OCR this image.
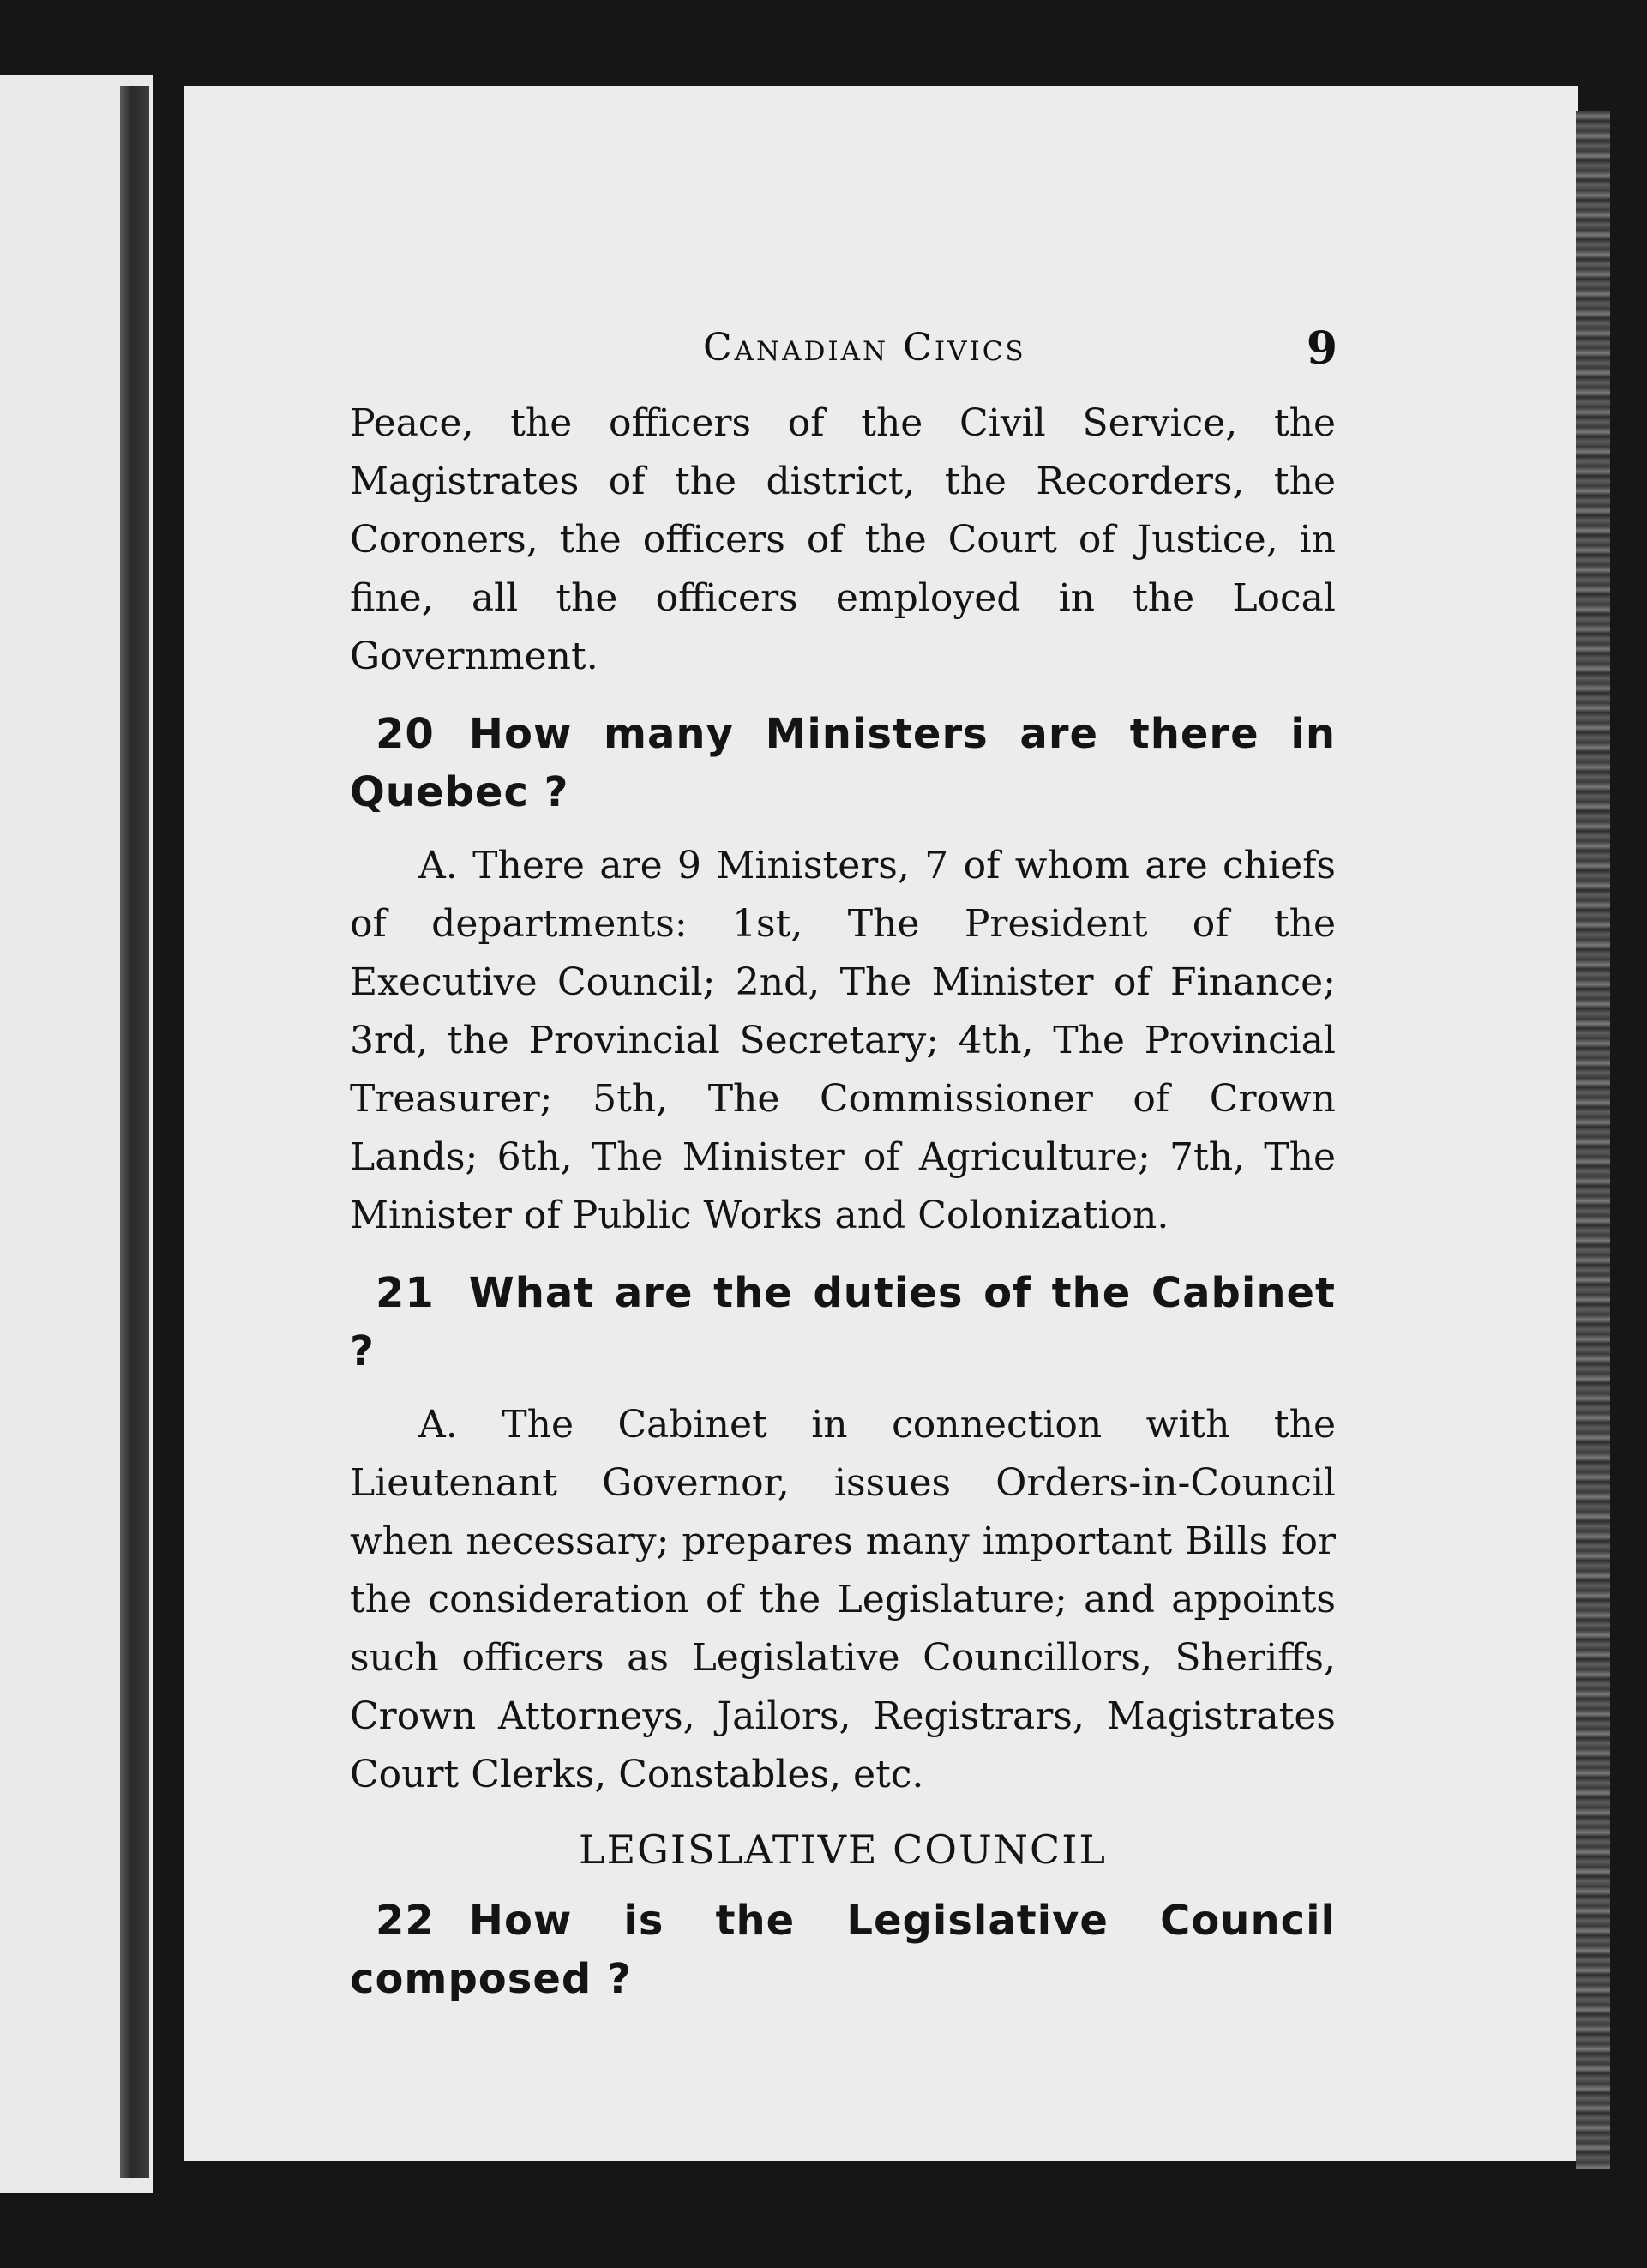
Canadian Civics	9

Peace, the officers of the Civil Service, the Magistrates of the district, the Recorders, the Coroners, the officers of the Court of Justice, in fine, all the officers employed in the Local Government.

20 How many Ministers are there in Quebec ?

A. There are 9 Ministers, 7 of whom are chiefs of departments: 1st, The President of the Executive Council; 2nd, The Minister of Finance; 3rd, the Provincial Secretary; 4th, The Provincial Treasurer; 5th, The Commissioner of Crown Lands; 6th, The Minister of Agriculture; 7th, The Minister of Public Works and Colonization.

21 What are the duties of the Cabinet ?

A. The Cabinet in connection with the Lieutenant Governor, issues Orders-in-Council when necessary; prepares many important Bills for the consideration of the Legislature; and appoints such officers as Legislative Councillors, Sheriffs, Crown Attorneys, Jailors, Registrars, Magistrates Court Clerks, Constables, etc.

LEGISLATIVE COUNCIL

22 How is the Legislative Council composed ?
